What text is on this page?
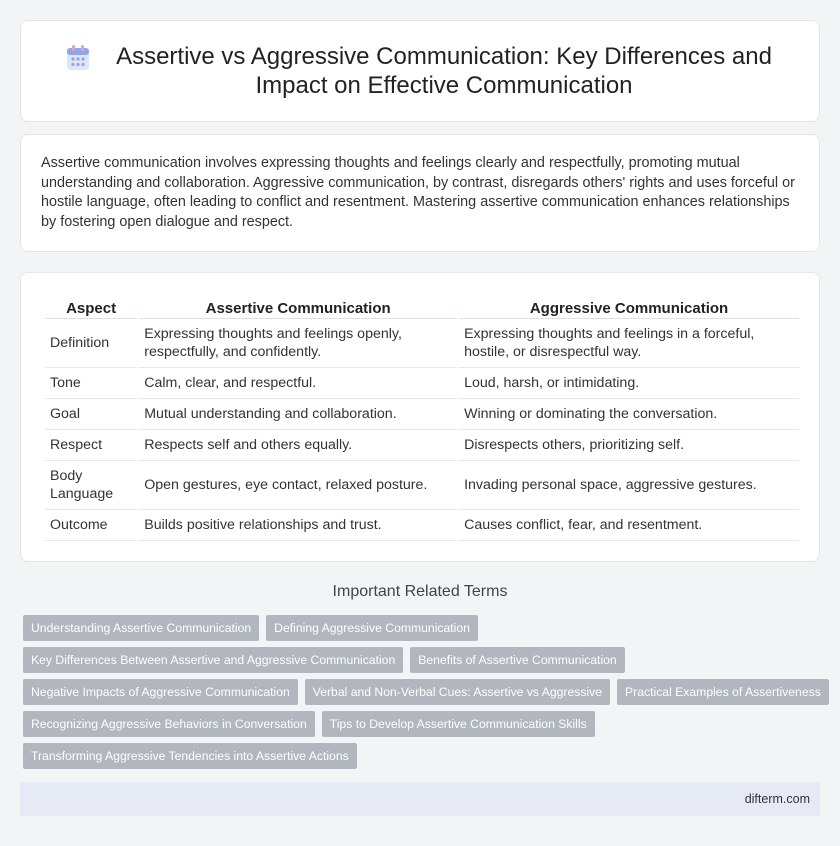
Assertive vs Aggressive Communication: Key Differences and Impact on Effective Communication

Assertive communication involves expressing thoughts and feelings clearly and respectfully, promoting mutual understanding and collaboration. Aggressive communication, by contrast, disregards others' rights and uses forceful or hostile language, often leading to conflict and resentment. Mastering assertive communication enhances relationships by fostering open dialogue and respect.

Aspect	Assertive Communication	Aggressive Communication
Definition	Expressing thoughts and feelings openly, respectfully, and confidently.	Expressing thoughts and feelings in a forceful, hostile, or disrespectful way.
Tone	Calm, clear, and respectful.	Loud, harsh, or intimidating.
Goal	Mutual understanding and collaboration.	Winning or dominating the conversation.
Respect	Respects self and others equally.	Disrespects others, prioritizing self.
Body Language	Open gestures, eye contact, relaxed posture.	Invading personal space, aggressive gestures.
Outcome	Builds positive relationships and trust.	Causes conflict, fear, and resentment.
Important Related Terms
Understanding Assertive Communication	Defining Aggressive Communication
Key Differences Between Assertive and Aggressive Communication	Benefits of Assertive Communication
Negative Impacts of Aggressive Communication	Verbal and Non-Verbal Cues: Assertive vs Aggressive	Practical Examples of Assertiveness
Recognizing Aggressive Behaviors in Conversation	Tips to Develop Assertive Communication Skills
Transforming Aggressive Tendencies into Assertive Actions
difterm.com
